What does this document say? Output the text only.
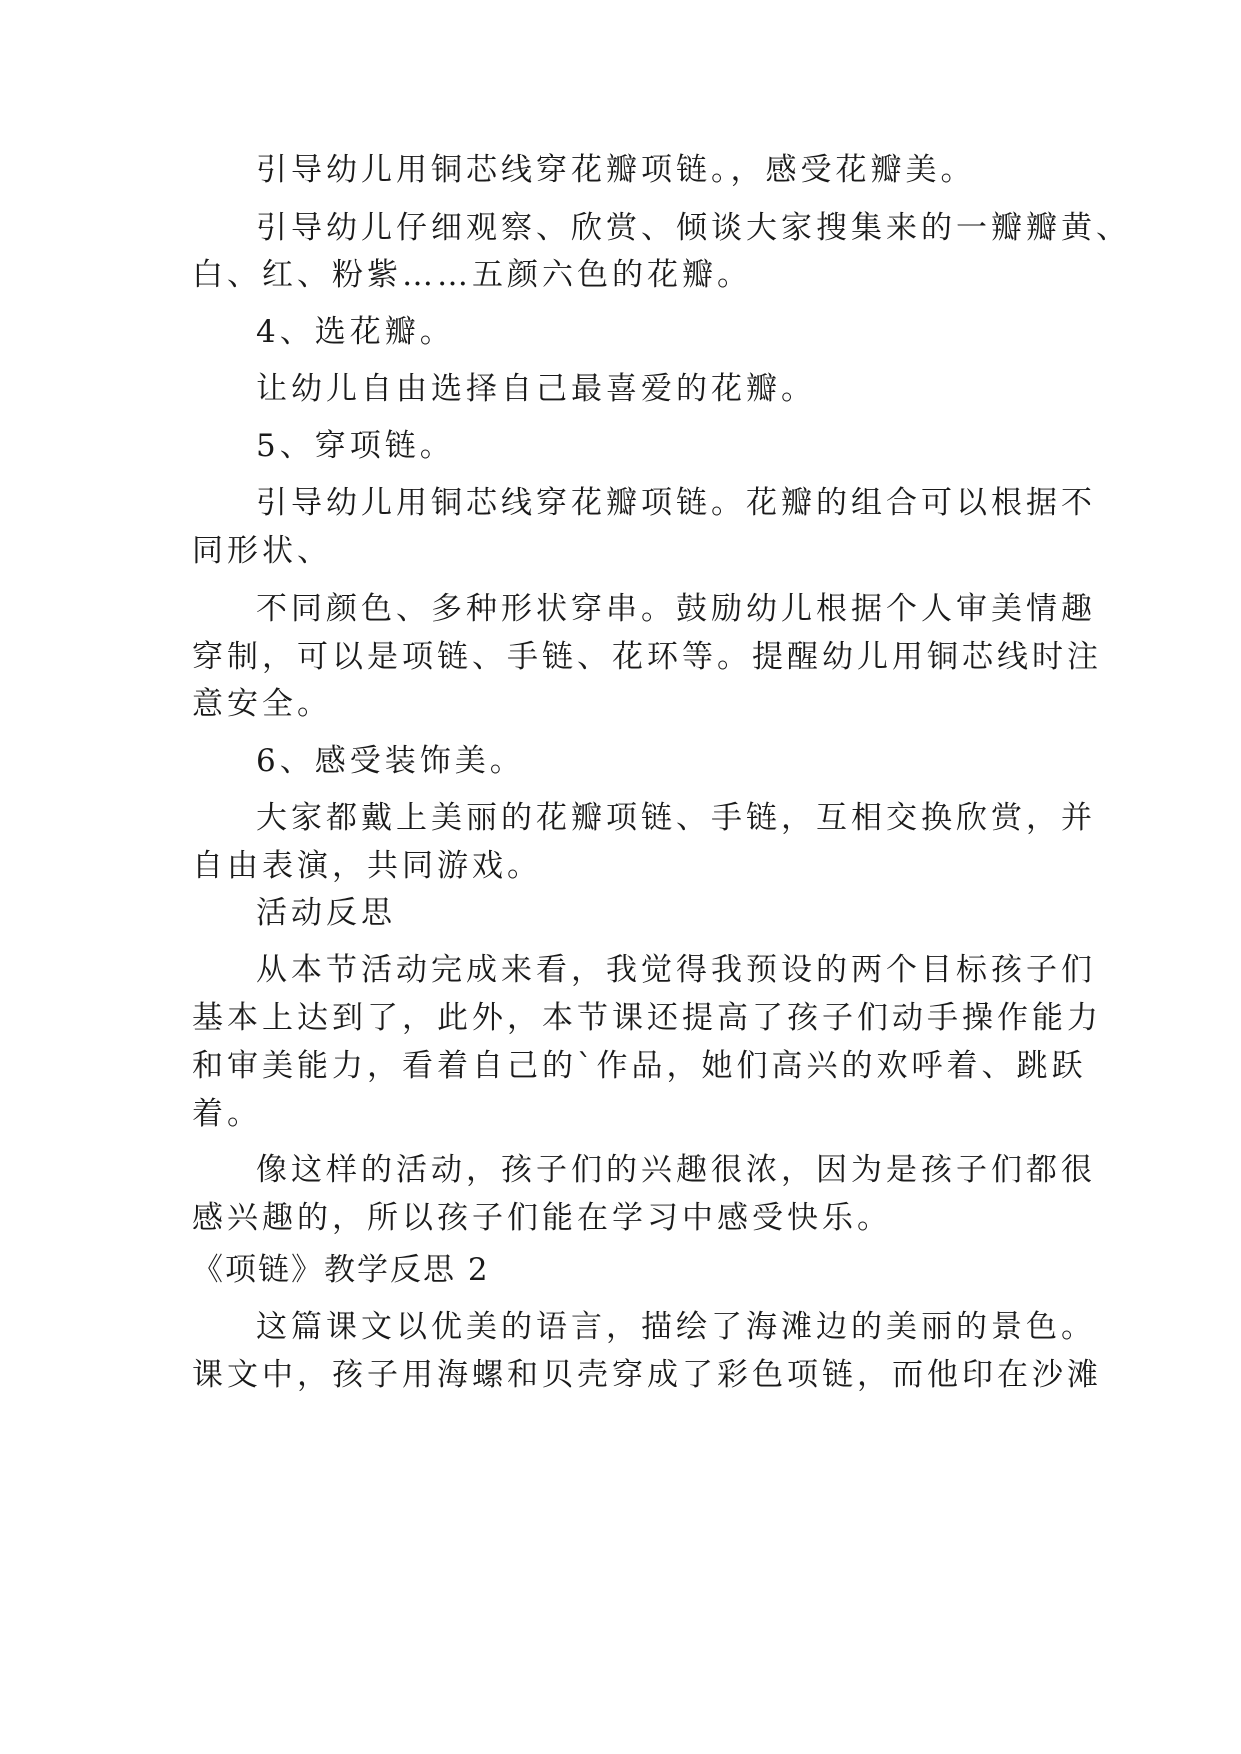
引导幼儿用铜芯线穿花瓣项链。，感受花瓣美。
引导幼儿仔细观察、欣赏、倾谈大家搜集来的一瓣瓣黄、
白、红、粉紫……五颜六色的花瓣。
4、选花瓣。
让幼儿自由选择自己最喜爱的花瓣。
5、穿项链。
引导幼儿用铜芯线穿花瓣项链。花瓣的组合可以根据不
同形状、
不同颜色、多种形状穿串。鼓励幼儿根据个人审美情趣
穿制，可以是项链、手链、花环等。提醒幼儿用铜芯线时注
意安全。
6、感受装饰美。
大家都戴上美丽的花瓣项链、手链，互相交换欣赏，并
自由表演，共同游戏。
活动反思
从本节活动完成来看，我觉得我预设的两个目标孩子们
基本上达到了，此外，本节课还提高了孩子们动手操作能力
和审美能力，看着自己的`作品，她们高兴的欢呼着、跳跃
着。
像这样的活动，孩子们的兴趣很浓，因为是孩子们都很
感兴趣的，所以孩子们能在学习中感受快乐。
《项链》教学反思 2
这篇课文以优美的语言，描绘了海滩边的美丽的景色。
课文中，孩子用海螺和贝壳穿成了彩色项链，而他印在沙滩
